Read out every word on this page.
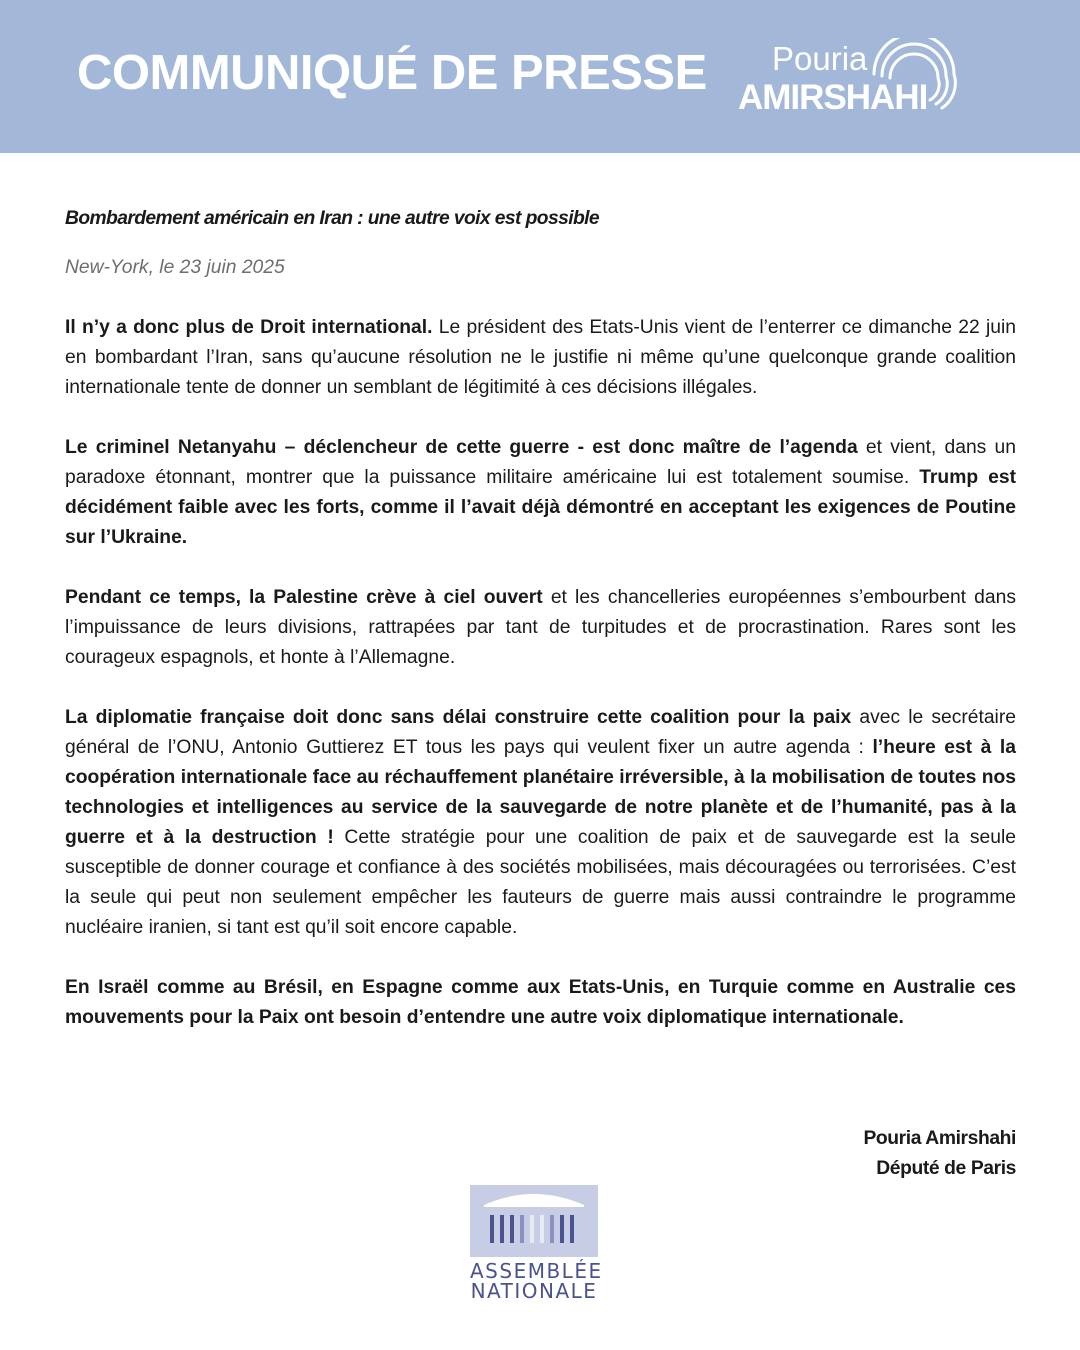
COMMUNIQUÉ DE PRESSE Pouria
AMIRSHAHI

Bombardement américain en Iran : une autre voix est possible

New-York, le 23 juin 2025

Il n’y a donc plus de Droit international. Le président des Etats-Unis vient de l’enterrer ce dimanche 22 juin en bombardant l’Iran, sans qu’aucune résolution ne le justifie ni même qu’une quelconque grande coalition internationale tente de donner un semblant de légitimité à ces décisions illégales.

Le criminel Netanyahu – déclencheur de cette guerre - est donc maître de l’agenda et vient, dans un paradoxe étonnant, montrer que la puissance militaire américaine lui est totalement soumise. Trump est décidément faible avec les forts, comme il l’avait déjà démontré en acceptant les exigences de Poutine sur l’Ukraine.

Pendant ce temps, la Palestine crève à ciel ouvert et les chancelleries européennes s’embourbent dans l’impuissance de leurs divisions, rattrapées par tant de turpitudes et de procrastination. Rares sont les courageux espagnols, et honte à l’Allemagne.

La diplomatie française doit donc sans délai construire cette coalition pour la paix avec le secrétaire général de l’ONU, Antonio Guttierez ET tous les pays qui veulent fixer un autre agenda : l’heure est à la coopération internationale face au réchauffement planétaire irréversible, à la mobilisation de toutes nos technologies et intelligences au service de la sauvegarde de notre planète et de l’humanité, pas à la guerre et à la destruction ! Cette stratégie pour une coalition de paix et de sauvegarde est la seule susceptible de donner courage et confiance à des sociétés mobilisées, mais découragées ou terrorisées. C’est la seule qui peut non seulement empêcher les fauteurs de guerre mais aussi contraindre le programme nucléaire iranien, si tant est qu’il soit encore capable.

En Israël comme au Brésil, en Espagne comme aux Etats-Unis, en Turquie comme en Australie ces mouvements pour la Paix ont besoin d’entendre une autre voix diplomatique internationale.

Pouria Amirshahi
Député de Paris
ASSEMBLÉE
NATIONALE
